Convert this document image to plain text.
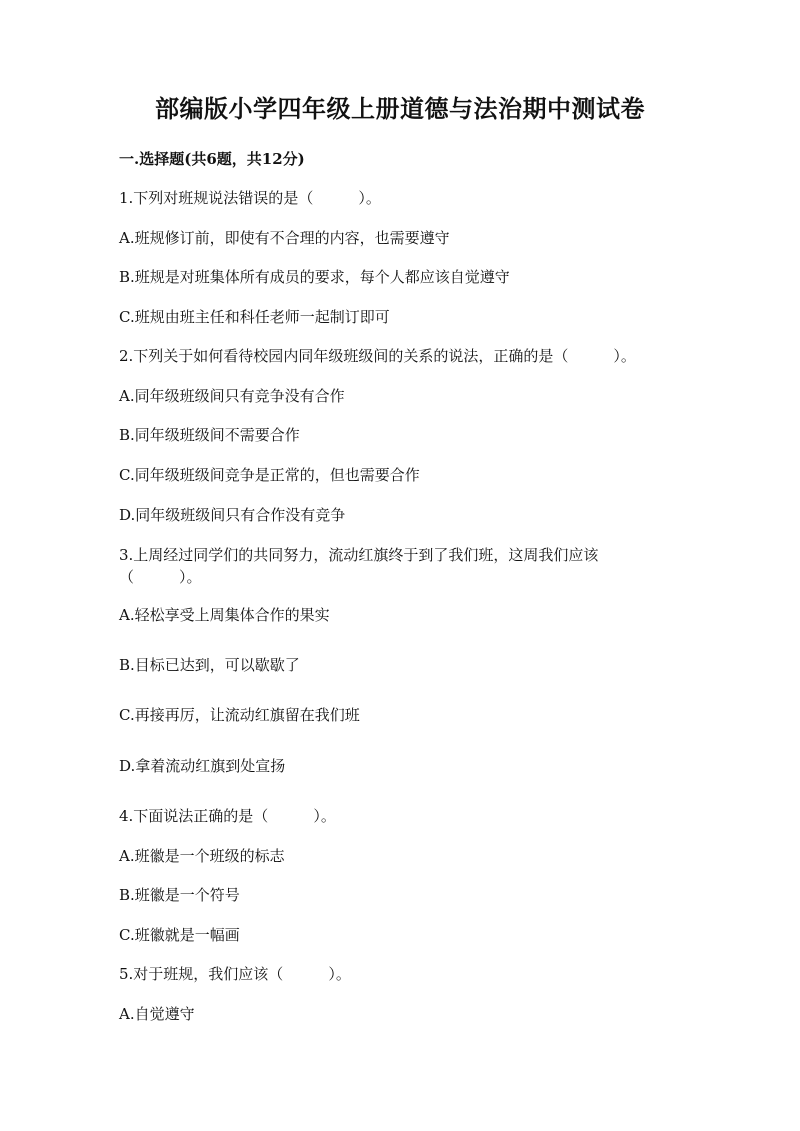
部编版小学四年级上册道德与法治期中测试卷
一.选择题(共6题，共12分)
1.下列对班规说法错误的是（　　　）。
A.班规修订前，即使有不合理的内容，也需要遵守
B.班规是对班集体所有成员的要求，每个人都应该自觉遵守
C.班规由班主任和科任老师一起制订即可
2.下列关于如何看待校园内同年级班级间的关系的说法，正确的是（　　　）。
A.同年级班级间只有竞争没有合作
B.同年级班级间不需要合作
C.同年级班级间竞争是正常的，但也需要合作
D.同年级班级间只有合作没有竞争
3.上周经过同学们的共同努力，流动红旗终于到了我们班，这周我们应该（　　　）。
A.轻松享受上周集体合作的果实
B.目标已达到，可以歇歇了
C.再接再厉，让流动红旗留在我们班
D.拿着流动红旗到处宣扬
4.下面说法正确的是（　　　）。
A.班徽是一个班级的标志
B.班徽是一个符号
C.班徽就是一幅画
5.对于班规，我们应该（　　　）。
A.自觉遵守
